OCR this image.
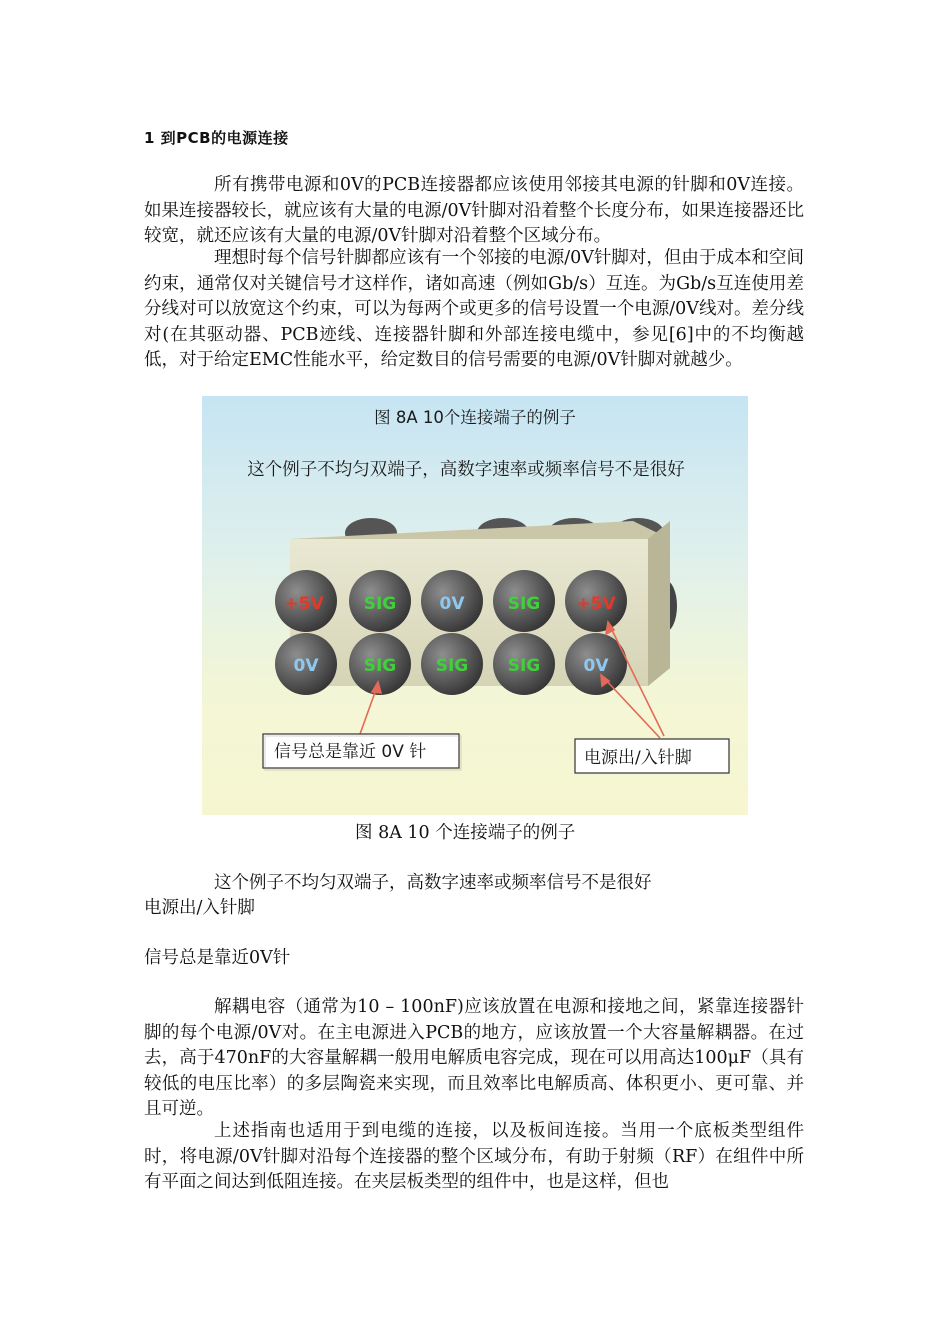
1 到PCB的电源连接

所有携带电源和0V的PCB连接器都应该使用邻接其电源的针脚和0V连接。如果连接器较长，就应该有大量的电源/0V针脚对沿着整个长度分布，如果连接器还比较宽，就还应该有大量的电源/0V针脚对沿着整个区域分布。

理想时每个信号针脚都应该有一个邻接的电源/0V针脚对，但由于成本和空间约束，通常仅对关键信号才这样作，诸如高速（例如Gb/s）互连。为Gb/s互连使用差分线对可以放宽这个约束，可以为每两个或更多的信号设置一个电源/0V线对。差分线对(在其驱动器、PCB迹线、连接器针脚和外部连接电缆中，参见[6]中的不均衡越低，对于给定EMC性能水平，给定数目的信号需要的电源/0V针脚对就越少。

图 8A 10个连接端子的例子
这个例子不均匀双端子，高数字速率或频率信号不是很好
+5V SIG	0V	SIG +5V
0V	SIG SIG SIG	0V
信号总是靠近 0V 针	电源出/入针脚
图 8A 10 个连接端子的例子
这个例子不均匀双端子，高数字速率或频率信号不是很好
电源出/入针脚
信号总是靠近0V针

解耦电容（通常为10 – 100nF)应该放置在电源和接地之间，紧靠连接器针脚的每个电源/0V对。在主电源进入PCB的地方，应该放置一个大容量解耦器。在过去，高于470nF的大容量解耦一般用电解质电容完成，现在可以用高达100μF（具有较低的电压比率）的多层陶瓷来实现，而且效率比电解质高、体积更小、更可靠、并且可逆。

上述指南也适用于到电缆的连接，以及板间连接。当用一个底板类型组件时，将电源/0V针脚对沿每个连接器的整个区域分布，有助于射频（RF）在组件中所有平面之间达到低阻连接。在夹层板类型的组件中，也是这样，但也
